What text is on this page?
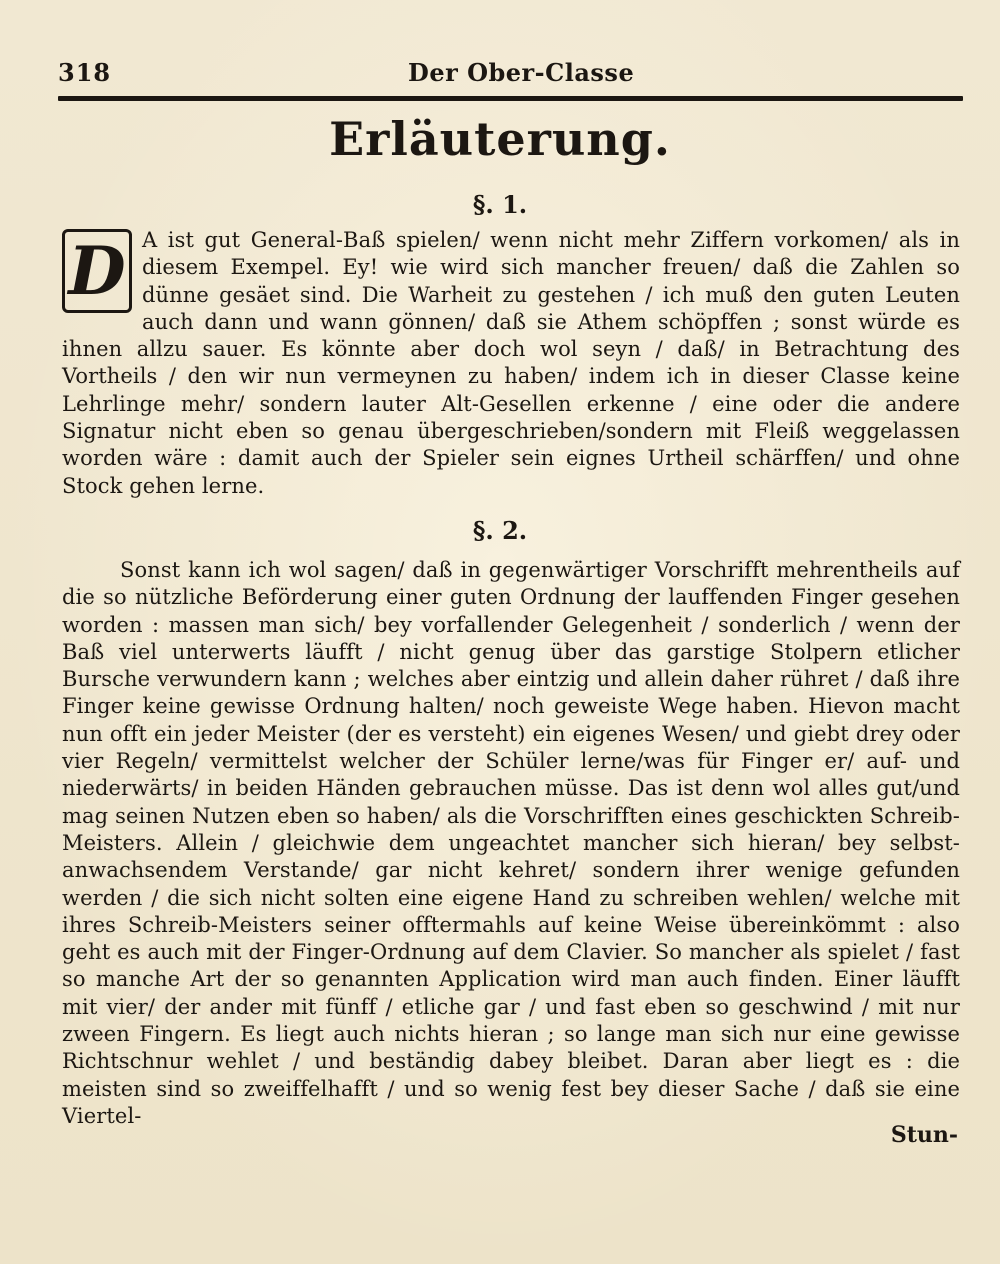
318	Der Ober-Classe
Erläuterung.
§. 1.
D A ist gut General-Baß spielen/ wenn nicht mehr Ziffern vorkomen/ als in diesem Exempel. Ey! wie wird sich mancher freuen/ daß die Zahlen so dünne gesäet sind. Die Warheit zu gestehen / ich muß den guten Leuten auch dann und wann gönnen/ daß sie Athem schöpffen ; sonst würde es ihnen allzu sauer. Es könnte aber doch wol seyn / daß/ in Betrachtung des Vortheils / den wir nun vermeynen zu haben/ indem ich in dieser Classe keine Lehrlinge mehr/ sondern lauter Alt-Gesellen erkenne / eine oder die andere Signatur nicht eben so genau übergeschrieben/sondern mit Fleiß weggelassen worden wäre : damit auch der Spieler sein eignes Urtheil schärffen/ und ohne Stock gehen lerne.
§. 2.
Sonst kann ich wol sagen/ daß in gegenwärtiger Vorschrifft mehrentheils auf die so nützliche Beförderung einer guten Ordnung der lauffenden Finger gesehen worden : massen man sich/ bey vorfallender Gelegenheit / sonderlich / wenn der Baß viel unterwerts läufft / nicht genug über das garstige Stolpern etlicher Bursche verwundern kann ; welches aber eintzig und allein daher rühret / daß ihre Finger keine gewisse Ordnung halten/ noch geweiste Wege haben. Hievon macht nun offt ein jeder Meister (der es versteht) ein eigenes Wesen/ und giebt drey oder vier Regeln/ vermittelst welcher der Schüler lerne/was für Finger er/ auf- und niederwärts/ in beiden Händen gebrauchen müsse. Das ist denn wol alles gut/und mag seinen Nutzen eben so haben/ als die Vorschrifften eines geschickten Schreib-Meisters. Allein / gleichwie dem ungeachtet mancher sich hieran/ bey selbst-anwachsendem Verstande/ gar nicht kehret/ sondern ihrer wenige gefunden werden / die sich nicht solten eine eigene Hand zu schreiben wehlen/ welche mit ihres Schreib-Meisters seiner offtermahls auf keine Weise übereinkömmt : also geht es auch mit der Finger-Ordnung auf dem Clavier. So mancher als spielet / fast so manche Art der so genannten Application wird man auch finden. Einer läufft mit vier/ der ander mit fünff / etliche gar / und fast eben so geschwind / mit nur zween Fingern. Es liegt auch nichts hieran ; so lange man sich nur eine gewisse Richtschnur wehlet / und beständig dabey bleibet. Daran aber liegt es : die meisten sind so zweiffelhafft / und so wenig fest bey dieser Sache / daß sie eine Viertel-
Stun-
